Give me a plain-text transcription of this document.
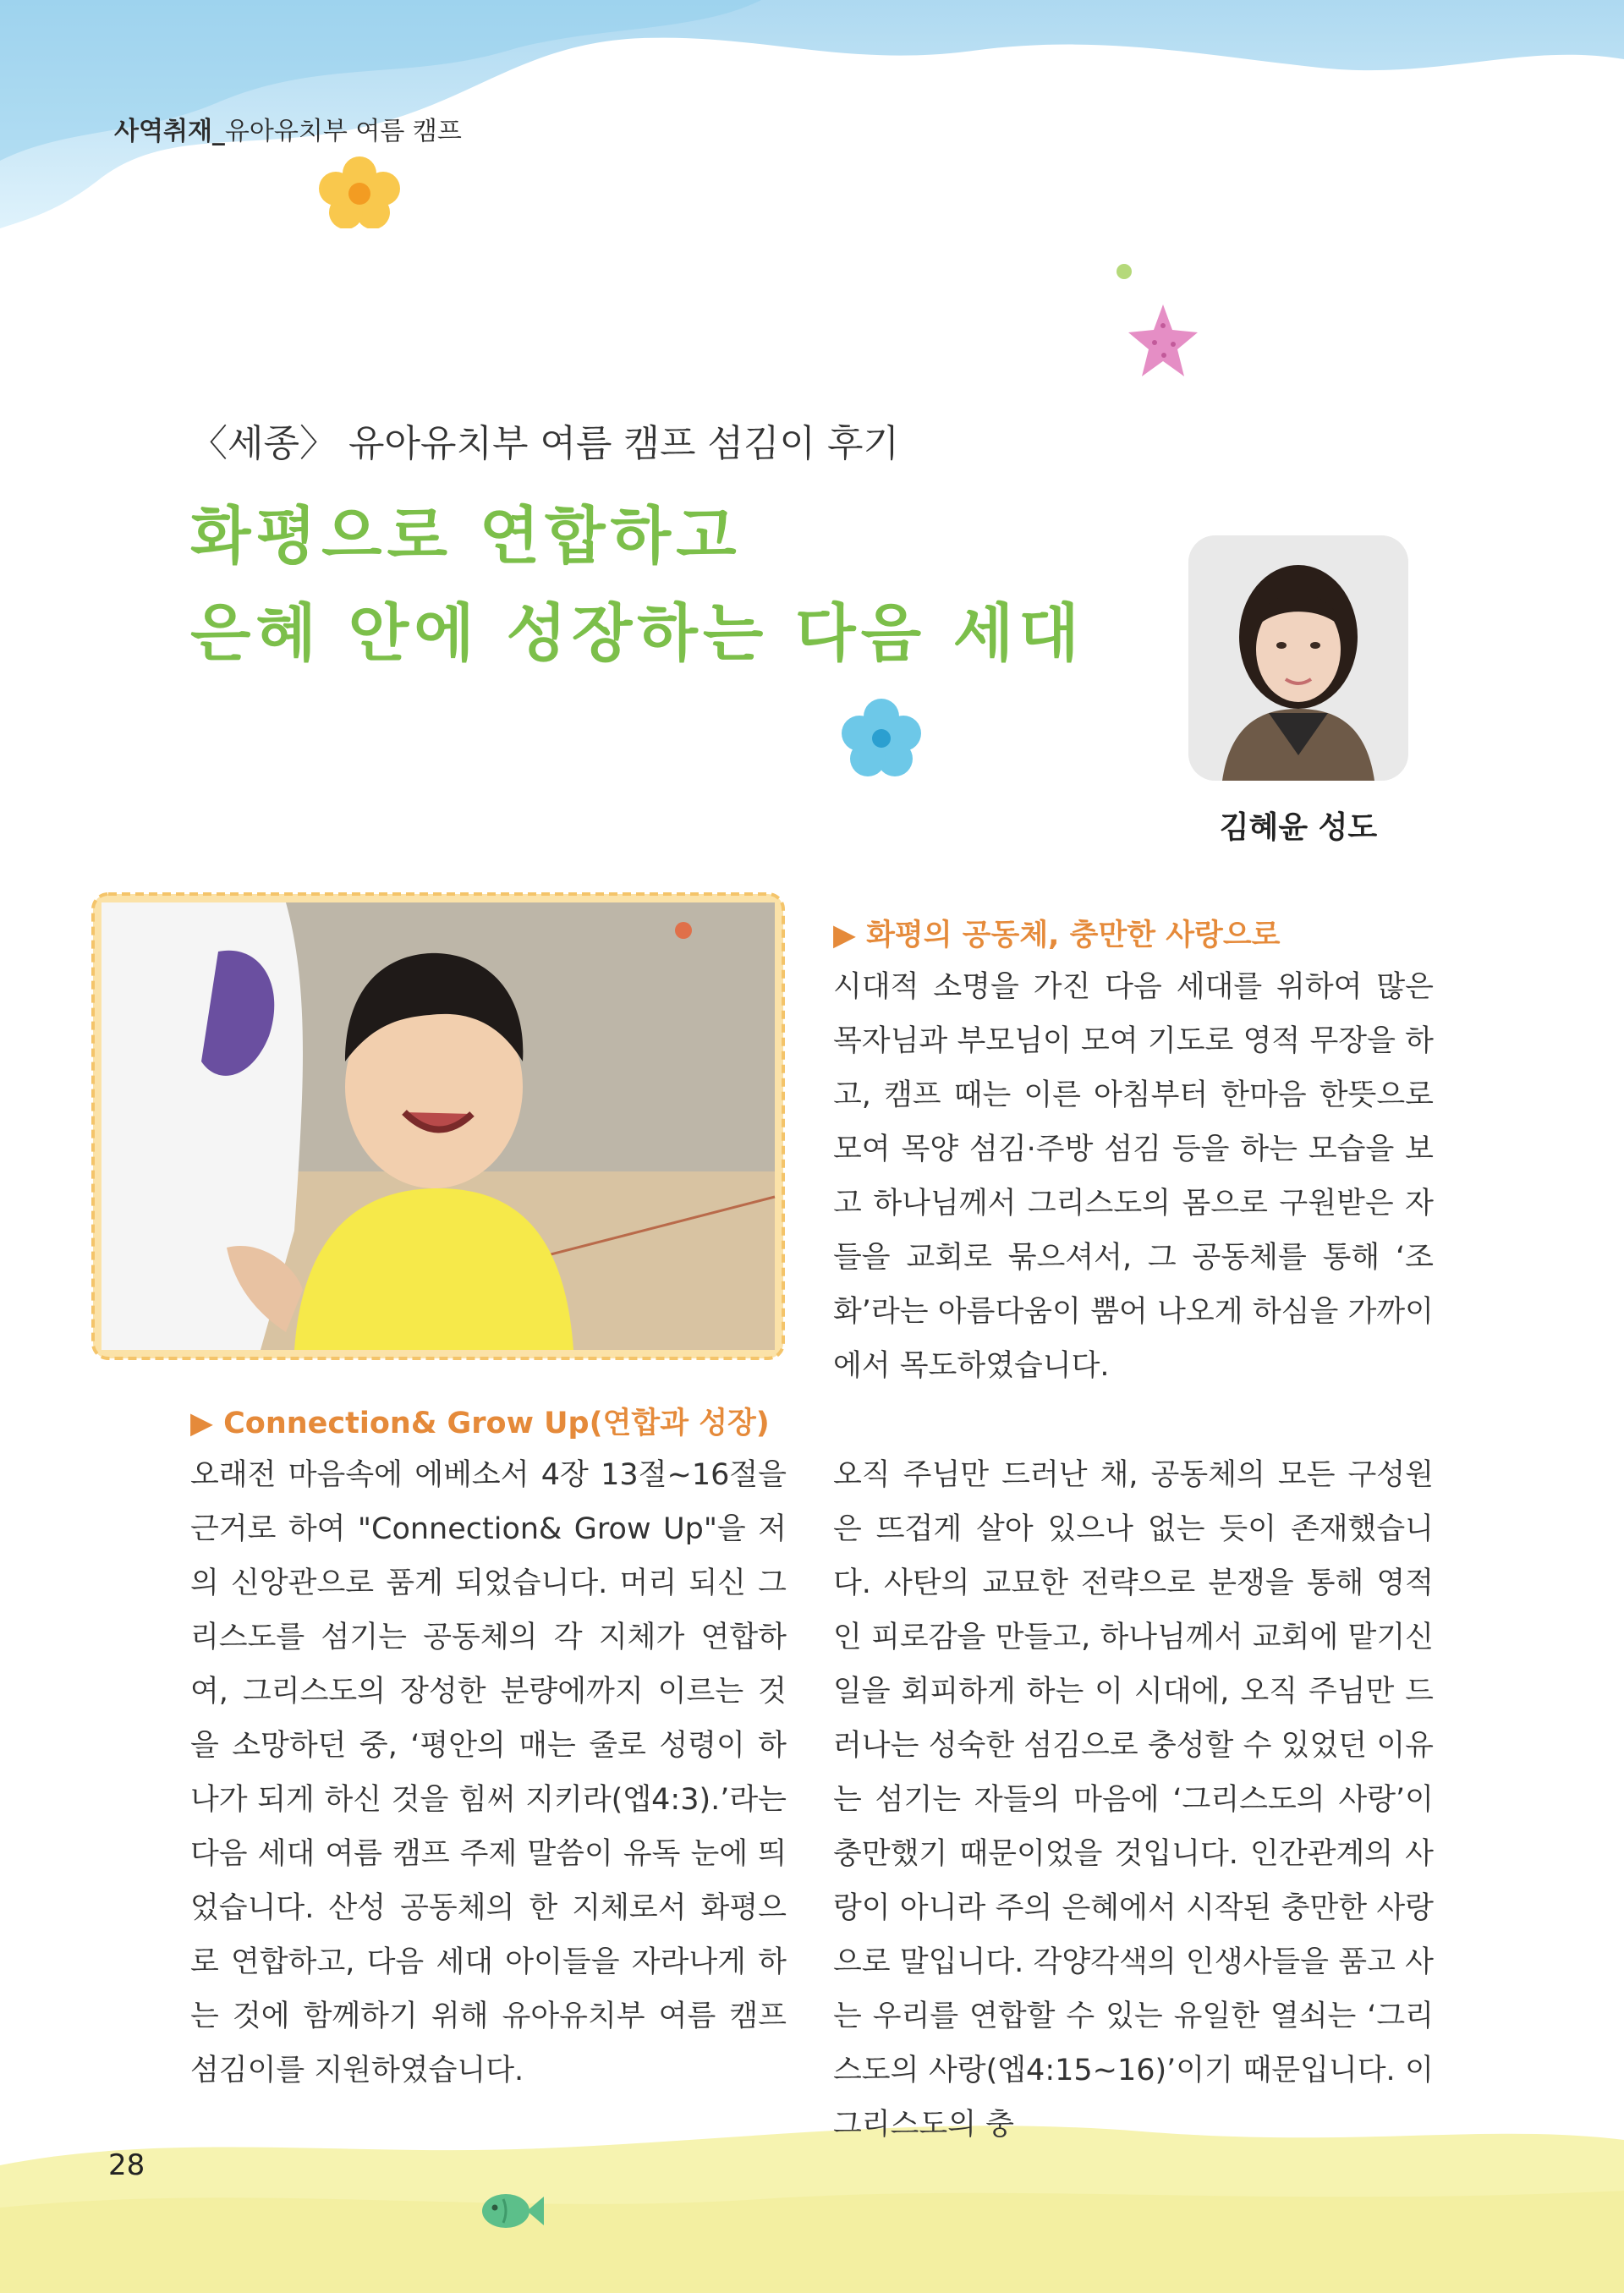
사역취재_유아유치부 여름 캠프
〈세종〉 유아유치부 여름 캠프 섬김이 후기
화평으로 연합하고
은혜 안에 성장하는 다음 세대
김혜윤 성도
▶ Connection& Grow Up(연합과 성장)
오래전 마음속에 에베소서 4장 13절~16절을 근거로 하여 "Connection& Grow Up"을 저의 신앙관으로 품게 되었습니다. 머리 되신 그리스도를 섬기는 공동체의 각 지체가 연합하여, 그리스도의 장성한 분량에까지 이르는 것을 소망하던 중, ‘평안의 매는 줄로 성령이 하나가 되게 하신 것을 힘써 지키라(엡4:3).’라는 다음 세대 여름 캠프 주제 말씀이 유독 눈에 띄었습니다. 산성 공동체의 한 지체로서 화평으로 연합하고, 다음 세대 아이들을 자라나게 하는 것에 함께하기 위해 유아유치부 여름 캠프 섬김이를 지원하였습니다.
▶ 화평의 공동체, 충만한 사랑으로
시대적 소명을 가진 다음 세대를 위하여 많은 목자님과 부모님이 모여 기도로 영적 무장을 하고, 캠프 때는 이른 아침부터 한마음 한뜻으로 모여 목양 섬김·주방 섬김 등을 하는 모습을 보고 하나님께서 그리스도의 몸으로 구원받은 자들을 교회로 묶으셔서, 그 공동체를 통해 ‘조화’라는 아름다움이 뿜어 나오게 하심을 가까이에서 목도하였습니다.
오직 주님만 드러난 채, 공동체의 모든 구성원은 뜨겁게 살아 있으나 없는 듯이 존재했습니다. 사탄의 교묘한 전략으로 분쟁을 통해 영적인 피로감을 만들고, 하나님께서 교회에 맡기신 일을 회피하게 하는 이 시대에, 오직 주님만 드러나는 성숙한 섬김으로 충성할 수 있었던 이유는 섬기는 자들의 마음에 ‘그리스도의 사랑’이 충만했기 때문이었을 것입니다. 인간관계의 사랑이 아니라 주의 은혜에서 시작된 충만한 사랑으로 말입니다. 각양각색의 인생사들을 품고 사는 우리를 연합할 수 있는 유일한 열쇠는 ‘그리스도의 사랑(엡4:15~16)’이기 때문입니다. 이 그리스도의 충
28
